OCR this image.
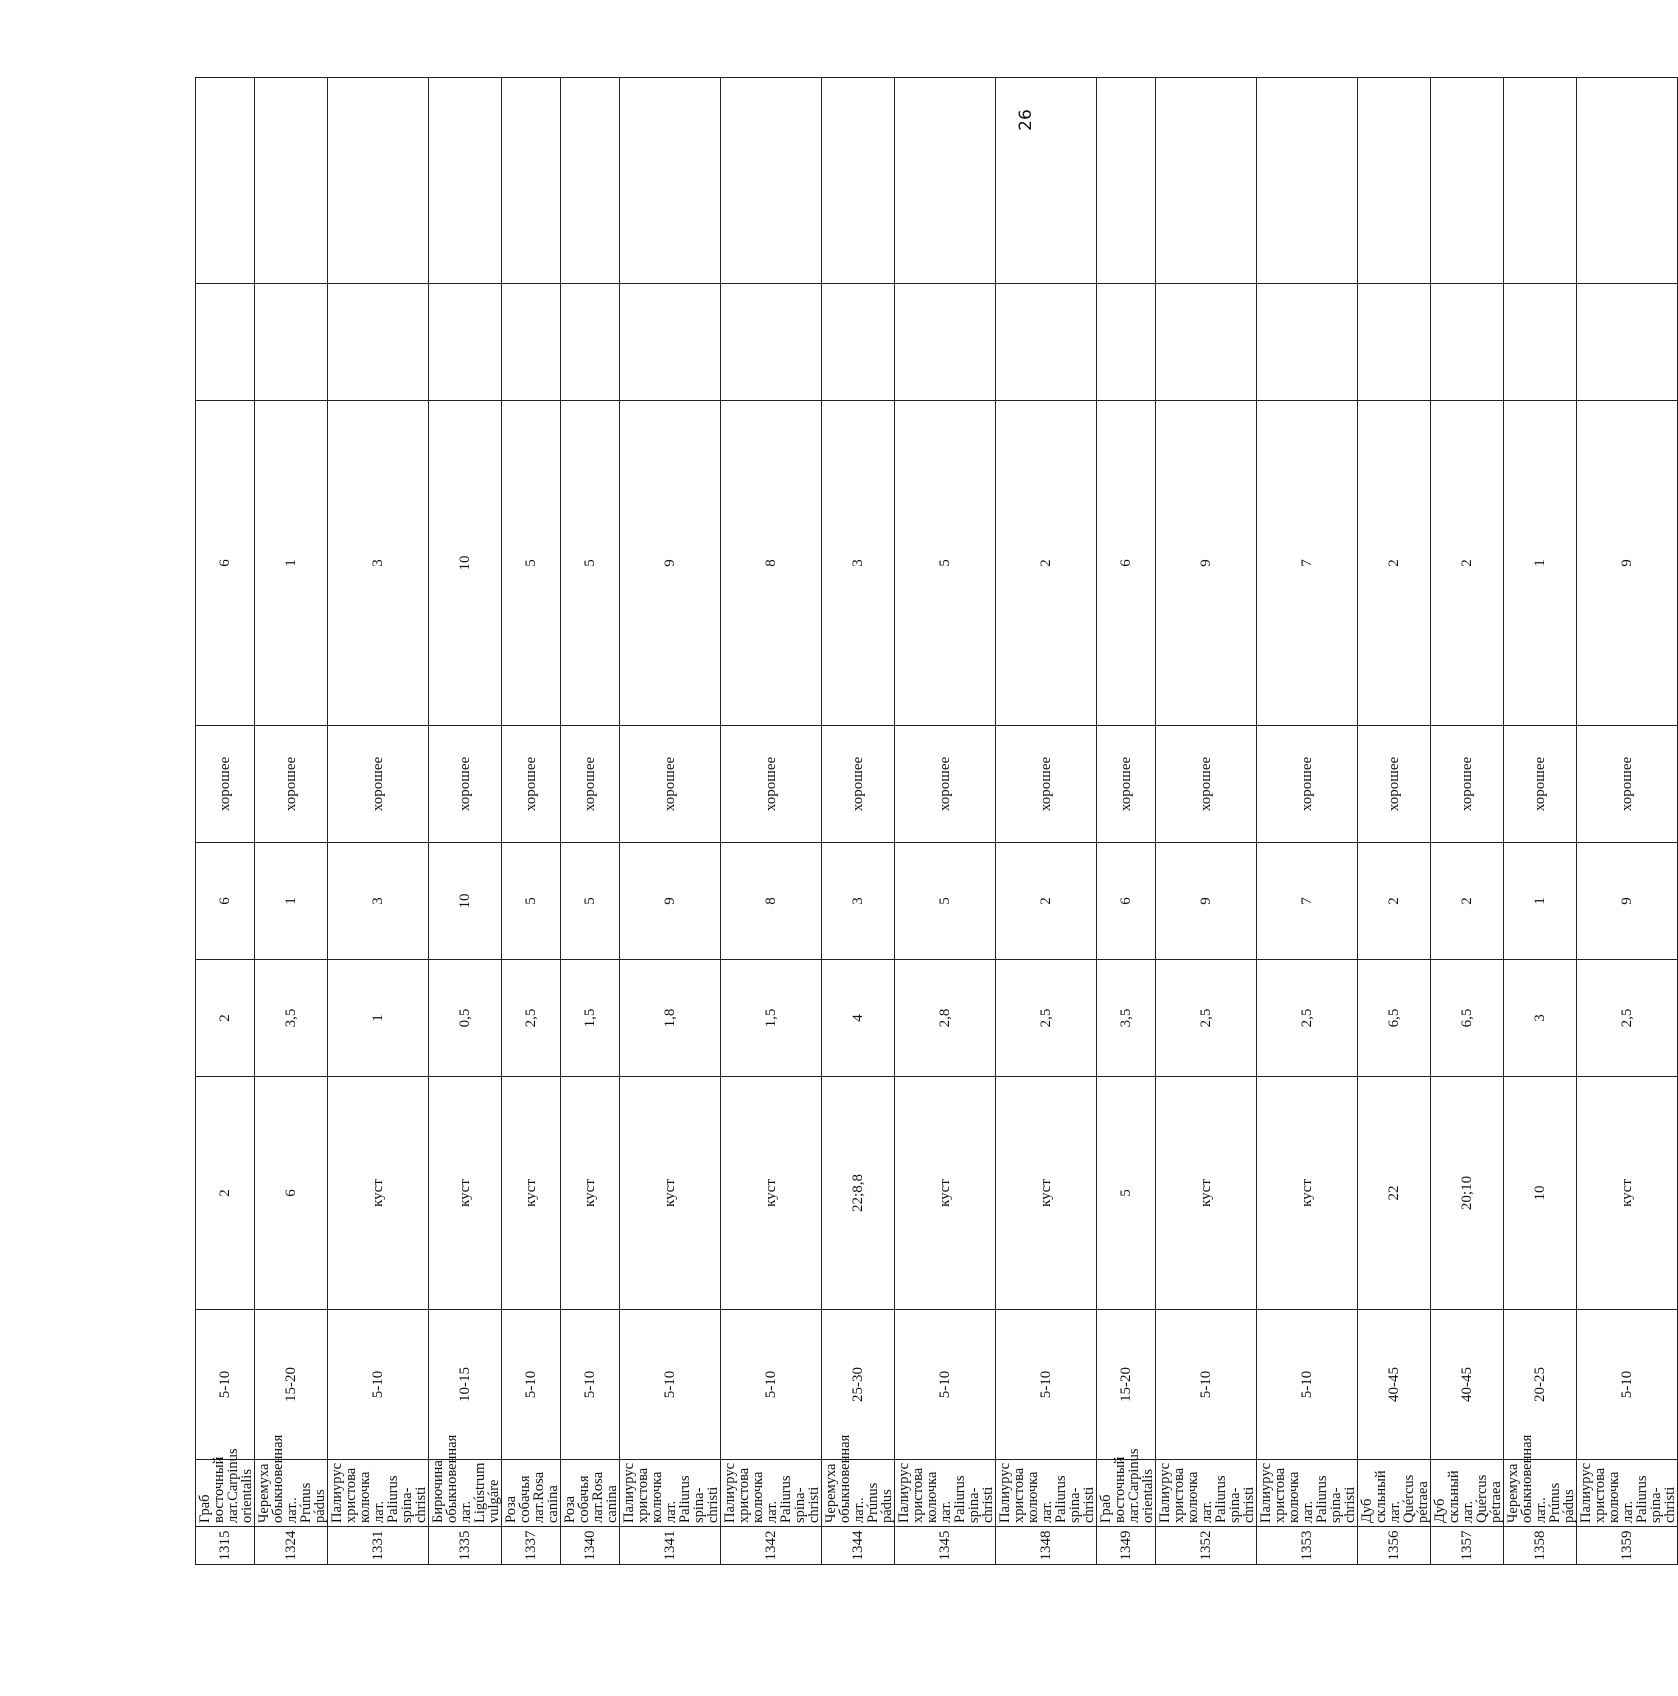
1315	Граб восточный лат.Carpinus orientalis	5-10	2	2	6	хорошее	6		
1324	Черемуха обыкновенная лат.. Prúnus pádus	15-20	6	3,5	1	хорошее	1		
1331	Палиурус христова колючка лат. Paliurus spina-christi	5-10	куст	1	3	хорошее	3		
1335	Бирючина обыкновенная лат. Ligústrum vulgáre	10-15	куст	0,5	10	хорошее	10		
1337	Роза собачья лат.Rosa canina	5-10	куст	2,5	5	хорошее	5		
1340	Роза собачья лат.Rosa canina	5-10	куст	1,5	5	хорошее	5		
1341	Палиурус христова колючка лат. Paliurus spina-christi	5-10	куст	1,8	9	хорошее	9		
1342	Палиурус христова колючка лат. Paliurus spina-christi	5-10	куст	1,5	8	хорошее	8		
1344	Черемуха обыкновенная лат.. Prúnus pádus	25-30	22;8,8	4	3	хорошее	3		
1345	Палиурус христова колючка лат. Paliurus spina-christi	5-10	куст	2,8	5	хорошее	5		
1348	Палиурус христова колючка лат. Paliurus spina-christi	5-10	куст	2,5	2	хорошее	2		
1349	Граб восточный лат.Carpinus orientalis	15-20	5	3,5	6	хорошее	6		
1352	Палиурус христова колючка лат. Paliurus spina-christi	5-10	куст	2,5	9	хорошее	9		
1353	Палиурус христова колючка лат. Paliurus spina-christi	5-10	куст	2,5	7	хорошее	7		
1356	Дуб скльный лат. Quércus pétraea	40-45	22	6,5	2	хорошее	2		
1357	Дуб скльный лат. Quércus pétraea	40-45	20;10	6,5	2	хорошее	2		
1358	Черемуха обыкновенная лат.. Prúnus pádus	20-25	10	3	1	хорошее	1		
1359	Палиурус христова колючка лат. Paliurus spina-christi	5-10	куст	2,5	9	хорошее	9		
26
